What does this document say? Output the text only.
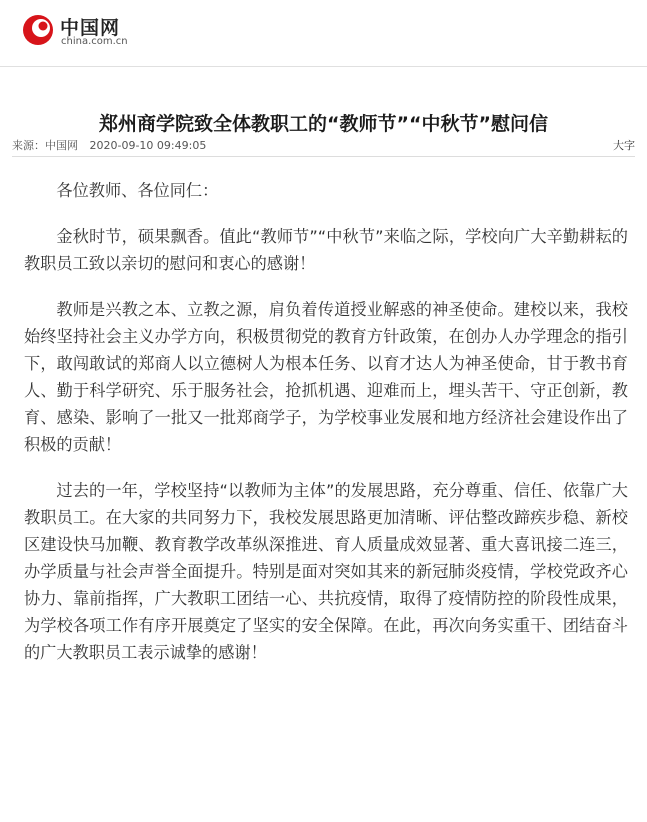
中国网
china.com.cn
郑州商学院致全体教职工的“教师节”“中秋节”慰问信
来源：中国网 2020-09-10 09:49:05	大字

各位教师、各位同仁：

金秋时节，硕果飘香。值此“教师节”“中秋节”来临之际，学校向广大辛勤耕耘的教职员工致以亲切的慰问和衷心的感谢！

教师是兴教之本、立教之源，肩负着传道授业解惑的神圣使命。建校以来，我校始终坚持社会主义办学方向，积极贯彻党的教育方针政策，在创办人办学理念的指引下，敢闯敢试的郑商人以立德树人为根本任务、以育才达人为神圣使命，甘于教书育人、勤于科学研究、乐于服务社会，抢抓机遇、迎难而上，埋头苦干、守正创新，教育、感染、影响了一批又一批郑商学子，为学校事业发展和地方经济社会建设作出了积极的贡献！

过去的一年，学校坚持“以教师为主体”的发展思路，充分尊重、信任、依靠广大教职员工。在大家的共同努力下，我校发展思路更加清晰、评估整改蹄疾步稳、新校区建设快马加鞭、教育教学改革纵深推进、育人质量成效显著、重大喜讯接二连三，办学质量与社会声誉全面提升。特别是面对突如其来的新冠肺炎疫情，学校党政齐心协力、靠前指挥，广大教职工团结一心、共抗疫情，取得了疫情防控的阶段性成果，为学校各项工作有序开展奠定了坚实的安全保障。在此，再次向务实重干、团结奋斗的广大教职员工表示诚挚的感谢！
